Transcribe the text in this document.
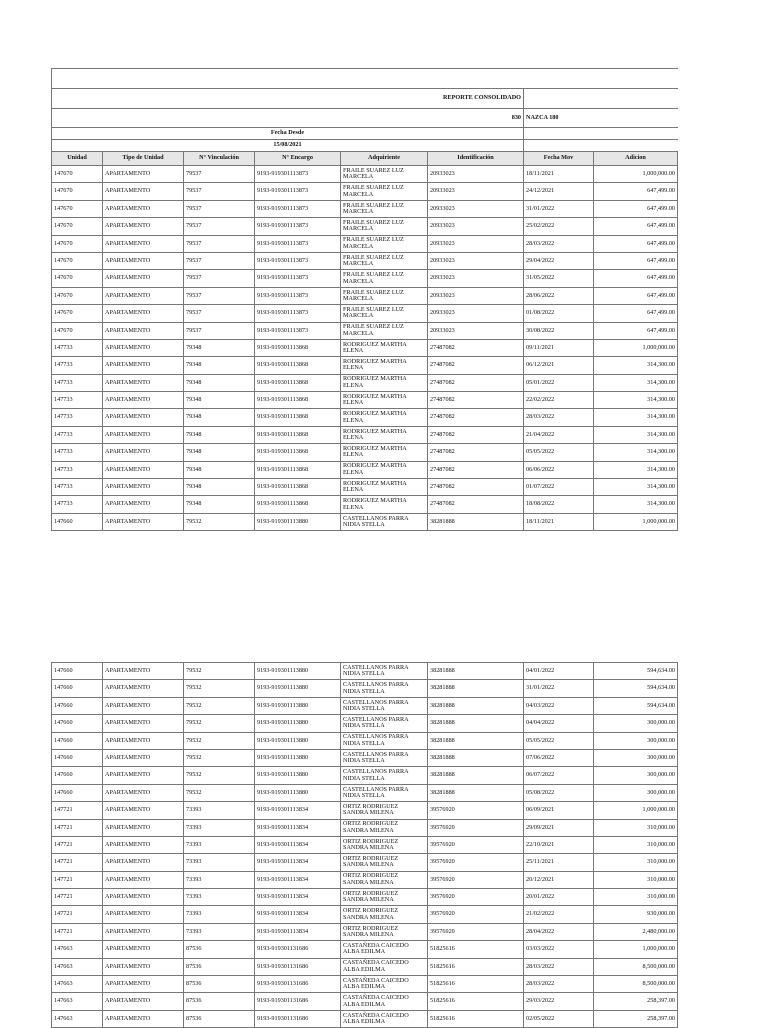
REPORTE CONSOLIDADO							
830						NAZCA 180	
Fecha Desde							
15/08/2021							
Unidad	Tipo de Unidad	N° Vinculación	N° Encargo	Adquiriente	Identificación	Fecha Mov	Adicion
147670	APARTAMENTO	79537	9193-919301113873	FRAILE SUAREZ LUZ MARCELA	20933023	18/11/2021	1,000,000.00
147670	APARTAMENTO	79537	9193-919301113873	FRAILE SUAREZ LUZ MARCELA	20933023	24/12/2021	647,499.00
147670	APARTAMENTO	79537	9193-919301113873	FRAILE SUAREZ LUZ MARCELA	20933023	31/01/2022	647,499.00
147670	APARTAMENTO	79537	9193-919301113873	FRAILE SUAREZ LUZ MARCELA	20933023	25/02/2022	647,499.00
147670	APARTAMENTO	79537	9193-919301113873	FRAILE SUAREZ LUZ MARCELA	20933023	28/03/2022	647,499.00
147670	APARTAMENTO	79537	9193-919301113873	FRAILE SUAREZ LUZ MARCELA	20933023	29/04/2022	647,499.00
147670	APARTAMENTO	79537	9193-919301113873	FRAILE SUAREZ LUZ MARCELA	20933023	31/05/2022	647,499.00
147670	APARTAMENTO	79537	9193-919301113873	FRAILE SUAREZ LUZ MARCELA	20933023	28/06/2022	647,499.00
147670	APARTAMENTO	79537	9193-919301113873	FRAILE SUAREZ LUZ MARCELA	20933023	01/08/2022	647,499.00
147670	APARTAMENTO	79537	9193-919301113873	FRAILE SUAREZ LUZ MARCELA	20933023	30/08/2022	647,499.00
147733	APARTAMENTO	79348	9193-919301113868	RODRIGUEZ MARTHA ELENA	27487082	09/11/2021	1,000,000.00
147733	APARTAMENTO	79348	9193-919301113868	RODRIGUEZ MARTHA ELENA	27487082	06/12/2021	314,300.00
147733	APARTAMENTO	79348	9193-919301113868	RODRIGUEZ MARTHA ELENA	27487082	05/01/2022	314,300.00
147733	APARTAMENTO	79348	9193-919301113868	RODRIGUEZ MARTHA ELENA	27487082	22/02/2022	314,300.00
147733	APARTAMENTO	79348	9193-919301113868	RODRIGUEZ MARTHA ELENA	27487082	28/03/2022	314,300.00
147733	APARTAMENTO	79348	9193-919301113868	RODRIGUEZ MARTHA ELENA	27487082	21/04/2022	314,300.00
147733	APARTAMENTO	79348	9193-919301113868	RODRIGUEZ MARTHA ELENA	27487082	05/05/2022	314,300.00
147733	APARTAMENTO	79348	9193-919301113868	RODRIGUEZ MARTHA ELENA	27487082	06/06/2022	314,300.00
147733	APARTAMENTO	79348	9193-919301113868	RODRIGUEZ MARTHA ELENA	27487082	01/07/2022	314,300.00
147733	APARTAMENTO	79348	9193-919301113868	RODRIGUEZ MARTHA ELENA	27487082	18/08/2022	314,300.00
147660	APARTAMENTO	79532	9193-919301113880	CASTELLANOS PARRA NIDIA STELLA	38281888	18/11/2021	1,000,000.00
147660	APARTAMENTO	79532	9193-919301113880	CASTELLANOS PARRA NIDIA STELLA	38281888	04/01/2022	594,634.00
147660	APARTAMENTO	79532	9193-919301113880	CASTELLANOS PARRA NIDIA STELLA	38281888	31/01/2022	594,634.00
147660	APARTAMENTO	79532	9193-919301113880	CASTELLANOS PARRA NIDIA STELLA	38281888	04/03/2022	594,634.00
147660	APARTAMENTO	79532	9193-919301113880	CASTELLANOS PARRA NIDIA STELLA	38281888	04/04/2022	300,000.00
147660	APARTAMENTO	79532	9193-919301113880	CASTELLANOS PARRA NIDIA STELLA	38281888	05/05/2022	300,000.00
147660	APARTAMENTO	79532	9193-919301113880	CASTELLANOS PARRA NIDIA STELLA	38281888	07/06/2022	300,000.00
147660	APARTAMENTO	79532	9193-919301113880	CASTELLANOS PARRA NIDIA STELLA	38281888	06/07/2022	300,000.00
147660	APARTAMENTO	79532	9193-919301113880	CASTELLANOS PARRA NIDIA STELLA	38281888	05/08/2022	300,000.00
147721	APARTAMENTO	73393	9193-919301113834	ORTIZ RODRIGUEZ SANDRA MILENA	39576920	06/09/2021	1,000,000.00
147721	APARTAMENTO	73393	9193-919301113834	ORTIZ RODRIGUEZ SANDRA MILENA	39576920	29/09/2021	310,000.00
147721	APARTAMENTO	73393	9193-919301113834	ORTIZ RODRIGUEZ SANDRA MILENA	39576920	22/10/2021	310,000.00
147721	APARTAMENTO	73393	9193-919301113834	ORTIZ RODRIGUEZ SANDRA MILENA	39576920	25/11/2021	310,000.00
147721	APARTAMENTO	73393	9193-919301113834	ORTIZ RODRIGUEZ SANDRA MILENA	39576920	20/12/2021	310,000.00
147721	APARTAMENTO	73393	9193-919301113834	ORTIZ RODRIGUEZ SANDRA MILENA	39576920	20/01/2022	310,000.00
147721	APARTAMENTO	73393	9193-919301113834	ORTIZ RODRIGUEZ SANDRA MILENA	39576920	21/02/2022	930,000.00
147721	APARTAMENTO	73393	9193-919301113834	ORTIZ RODRIGUEZ SANDRA MILENA	39576920	28/04/2022	2,480,000.00
147663	APARTAMENTO	87536	9193-919301131686	CASTAÑEDA CAICEDO ALBA EDILMA	51825616	03/03/2022	1,000,000.00
147663	APARTAMENTO	87536	9193-919301131686	CASTAÑEDA CAICEDO ALBA EDILMA	51825616	28/03/2022	8,500,000.00
147663	APARTAMENTO	87536	9193-919301131686	CASTAÑEDA CAICEDO ALBA EDILMA	51825616	28/03/2022	8,500,000.00
147663	APARTAMENTO	87536	9193-919301131686	CASTAÑEDA CAICEDO ALBA EDILMA	51825616	29/03/2022	258,397.00
147663	APARTAMENTO	87536	9193-919301131686	CASTAÑEDA CAICEDO ALBA EDILMA	51825616	02/05/2022	258,397.00
